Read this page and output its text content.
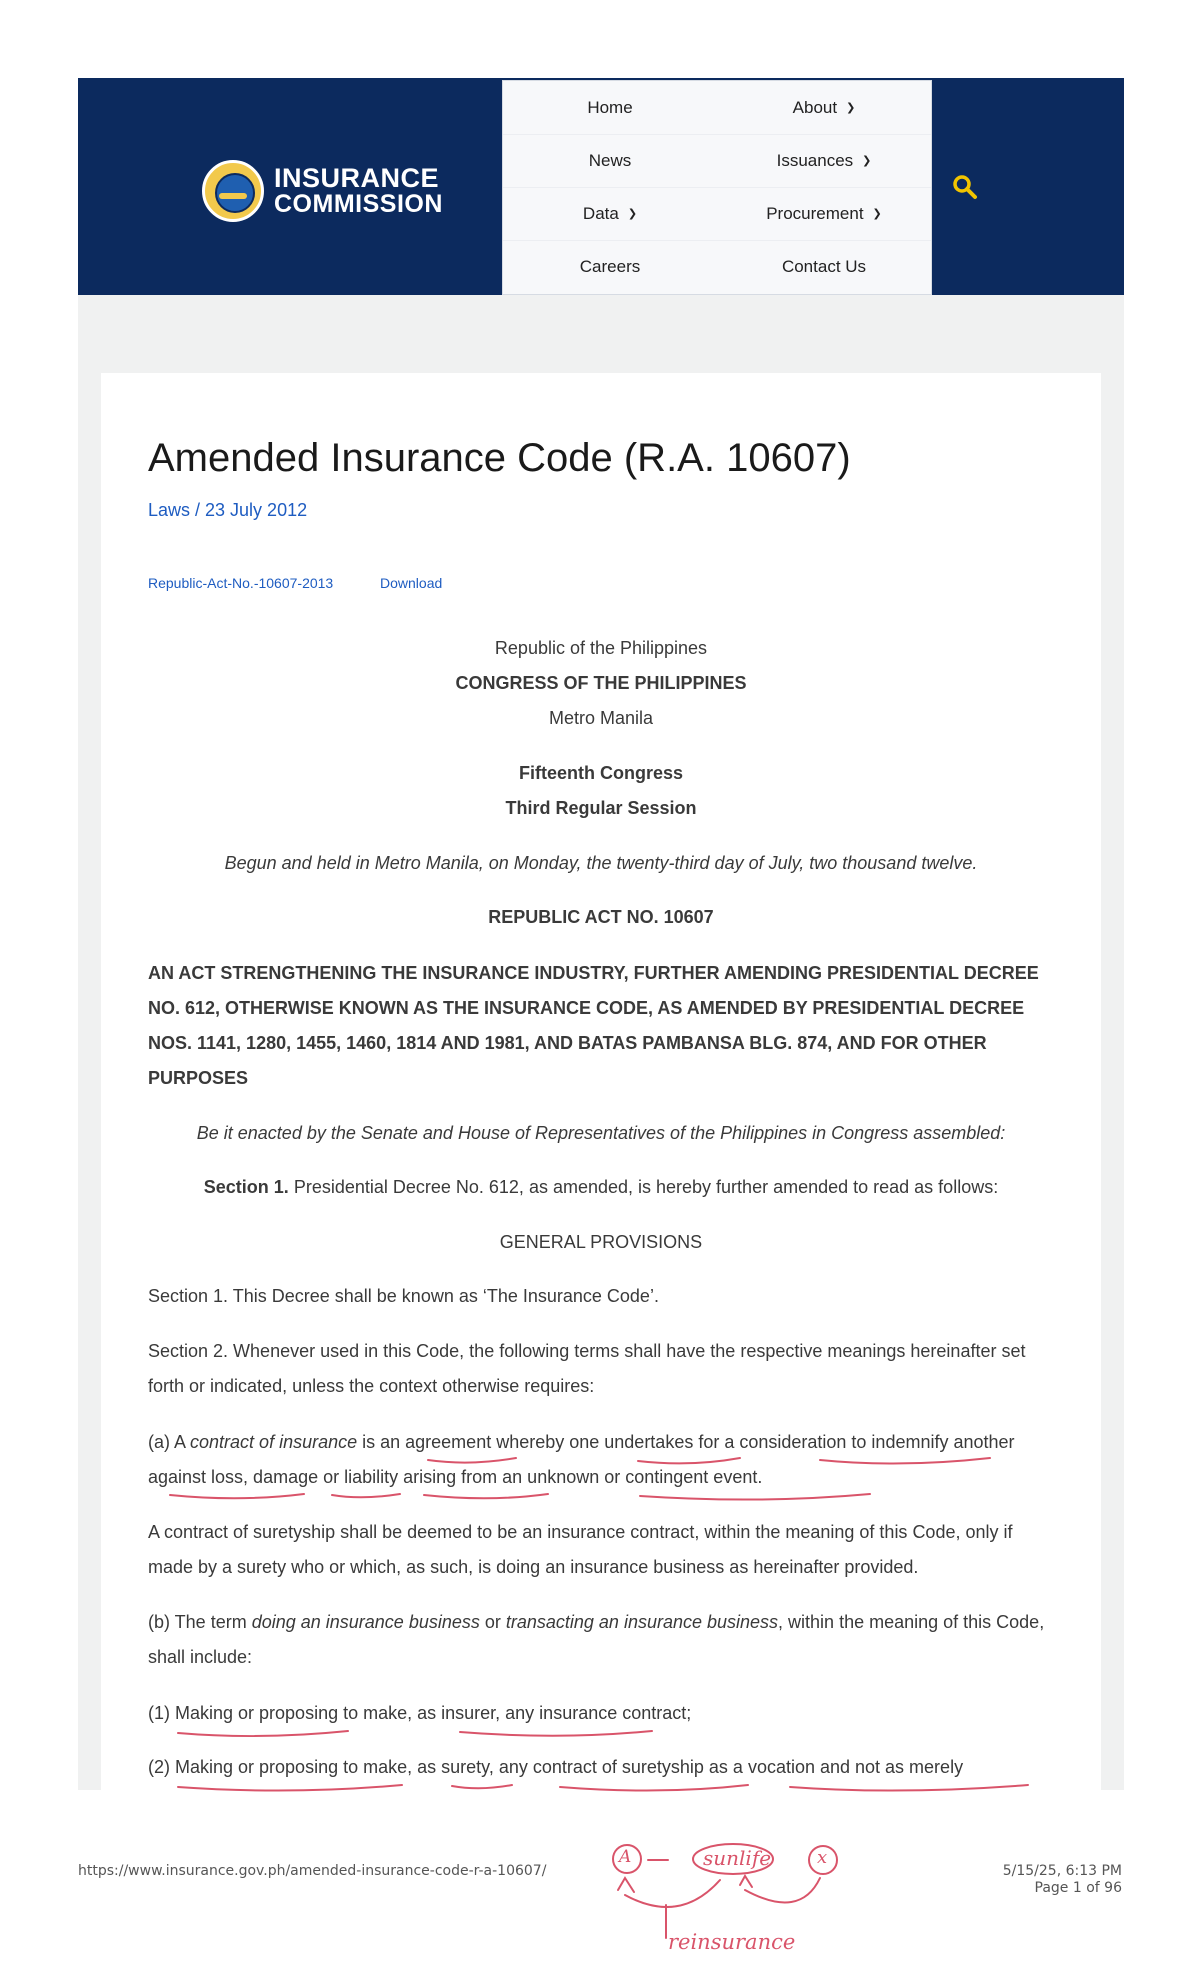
INSURANCE
COMMISSION
Home	About ❯
News	Issuances ❯
Data ❯	Procurement ❯
Careers	Contact Us
Amended Insurance Code (R.A. 10607)
Laws / 23 July 2012
Republic-Act-No.-10607-2013	Download
Republic of the Philippines
CONGRESS OF THE PHILIPPINES
Metro Manila
Fifteenth Congress
Third Regular Session
Begun and held in Metro Manila, on Monday, the twenty-third day of July, two thousand twelve.
REPUBLIC ACT NO. 10607
AN ACT STRENGTHENING THE INSURANCE INDUSTRY, FURTHER AMENDING PRESIDENTIAL DECREE NO. 612, OTHERWISE KNOWN AS THE INSURANCE CODE, AS AMENDED BY PRESIDENTIAL DECREE NOS. 1141, 1280, 1455, 1460, 1814 AND 1981, AND BATAS PAMBANSA BLG. 874, AND FOR OTHER PURPOSES
Be it enacted by the Senate and House of Representatives of the Philippines in Congress assembled:
Section 1. Presidential Decree No. 612, as amended, is hereby further amended to read as follows:
GENERAL PROVISIONS
Section 1. This Decree shall be known as ‘The Insurance Code’.
Section 2. Whenever used in this Code, the following terms shall have the respective meanings hereinafter set forth or indicated, unless the context otherwise requires:
(a) A contract of insurance is an agreement whereby one undertakes for a consideration to indemnify another against loss, damage or liability arising from an unknown or contingent event.
A contract of suretyship shall be deemed to be an insurance contract, within the meaning of this Code, only if made by a surety who or which, as such, is doing an insurance business as hereinafter provided.
(b) The term doing an insurance business or transacting an insurance business, within the meaning of this Code, shall include:
(1) Making or proposing to make, as insurer, any insurance contract;
(2) Making or proposing to make, as surety, any contract of suretyship as a vocation and not as merely
A	sunlife	x
reinsurance
https://www.insurance.gov.ph/amended-insurance-code-r-a-10607/	5/15/25, 6:13 PM
Page 1 of 96
